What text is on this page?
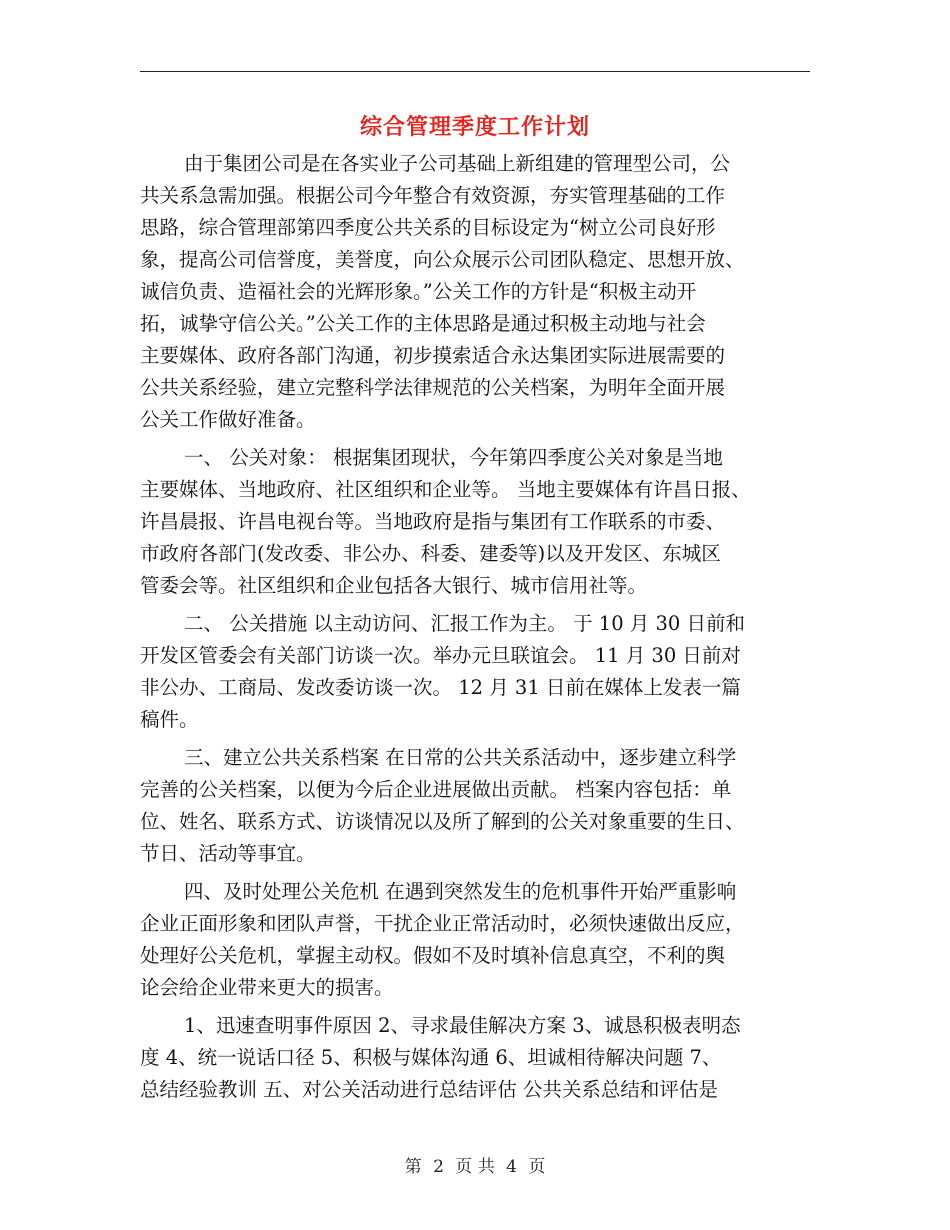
综合管理季度工作计划
由于集团公司是在各实业子公司基础上新组建的管理型公司，公
共关系急需加强。根据公司今年整合有效资源，夯实管理基础的工作
思路，综合管理部第四季度公共关系的目标设定为“树立公司良好形
象，提高公司信誉度，美誉度，向公众展示公司团队稳定、思想开放、
诚信负责、造福社会的光辉形象。”公关工作的方针是“积极主动开
拓，诚挚守信公关。”公关工作的主体思路是通过积极主动地与社会
主要媒体、政府各部门沟通，初步摸索适合永达集团实际进展需要的
公共关系经验，建立完整科学法律规范的公关档案，为明年全面开展
公关工作做好准备。
一、 公关对象： 根据集团现状，今年第四季度公关对象是当地
主要媒体、当地政府、社区组织和企业等。 当地主要媒体有许昌日报、
许昌晨报、许昌电视台等。当地政府是指与集团有工作联系的市委、
市政府各部门(发改委、非公办、科委、建委等)以及开发区、东城区
管委会等。社区组织和企业包括各大银行、城市信用社等。
二、 公关措施 以主动访问、汇报工作为主。 于 10 月 30 日前和
开发区管委会有关部门访谈一次。举办元旦联谊会。 11 月 30 日前对
非公办、工商局、发改委访谈一次。 12 月 31 日前在媒体上发表一篇
稿件。
三、建立公共关系档案 在日常的公共关系活动中，逐步建立科学
完善的公关档案，以便为今后企业进展做出贡献。 档案内容包括：单
位、姓名、联系方式、访谈情况以及所了解到的公关对象重要的生日、
节日、活动等事宜。
四、及时处理公关危机 在遇到突然发生的危机事件开始严重影响
企业正面形象和团队声誉，干扰企业正常活动时，必须快速做出反应，
处理好公关危机，掌握主动权。假如不及时填补信息真空，不利的舆
论会给企业带来更大的损害。
1、迅速查明事件原因 2、寻求最佳解决方案 3、诚恳积极表明态
度 4、统一说话口径 5、积极与媒体沟通 6、坦诚相待解决问题 7、
总结经验教训 五、对公关活动进行总结评估 公共关系总结和评估是
第 2 页 共 4 页
